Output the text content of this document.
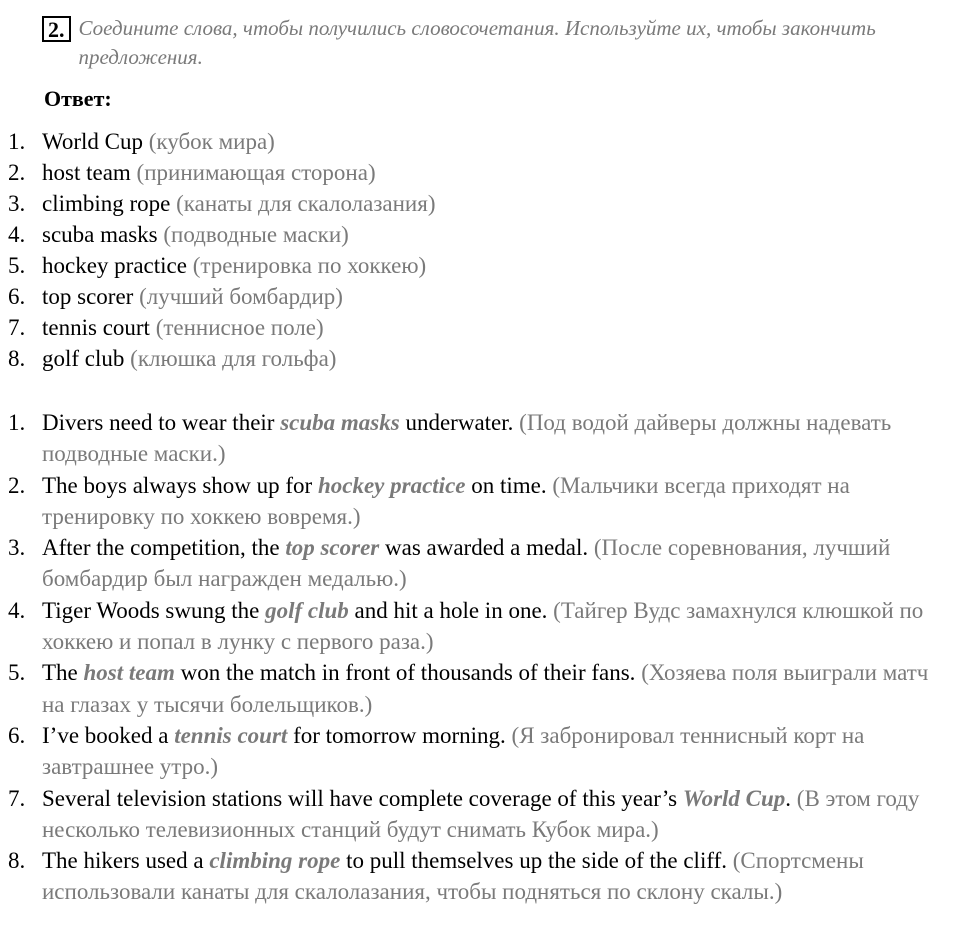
2. Соедините слова, чтобы получились словосочетания. Используйте их, чтобы закончить предложения.
Ответ:
1. World Cup (кубок мира)
2. host team (принимающая сторона)
3. climbing rope (канаты для скалолазания)
4. scuba masks (подводные маски)
5. hockey practice (тренировка по хоккею)
6. top scorer (лучший бомбардир)
7. tennis court (теннисное поле)
8. golf club (клюшка для гольфа)
1. Divers need to wear their scuba masks underwater. (Под водой дайверы должны надевать подводные маски.)
2. The boys always show up for hockey practice on time. (Мальчики всегда приходят на тренировку по хоккею вовремя.)
3. After the competition, the top scorer was awarded a medal. (После соревнования, лучший бомбардир был награжден медалью.)
4. Tiger Woods swung the golf club and hit a hole in one. (Тайгер Вудс замахнулся клюшкой по хоккею и попал в лунку с первого раза.)
5. The host team won the match in front of thousands of their fans. (Хозяева поля выиграли матч на глазах у тысячи болельщиков.)
6. I’ve booked a tennis court for tomorrow morning. (Я забронировал теннисный корт на завтрашнее утро.)
7. Several television stations will have complete coverage of this year’s World Cup. (В этом году несколько телевизионных станций будут снимать Кубок мира.)
8. The hikers used a climbing rope to pull themselves up the side of the cliff. (Спортсмены использовали канаты для скалолазания, чтобы подняться по склону скалы.)
